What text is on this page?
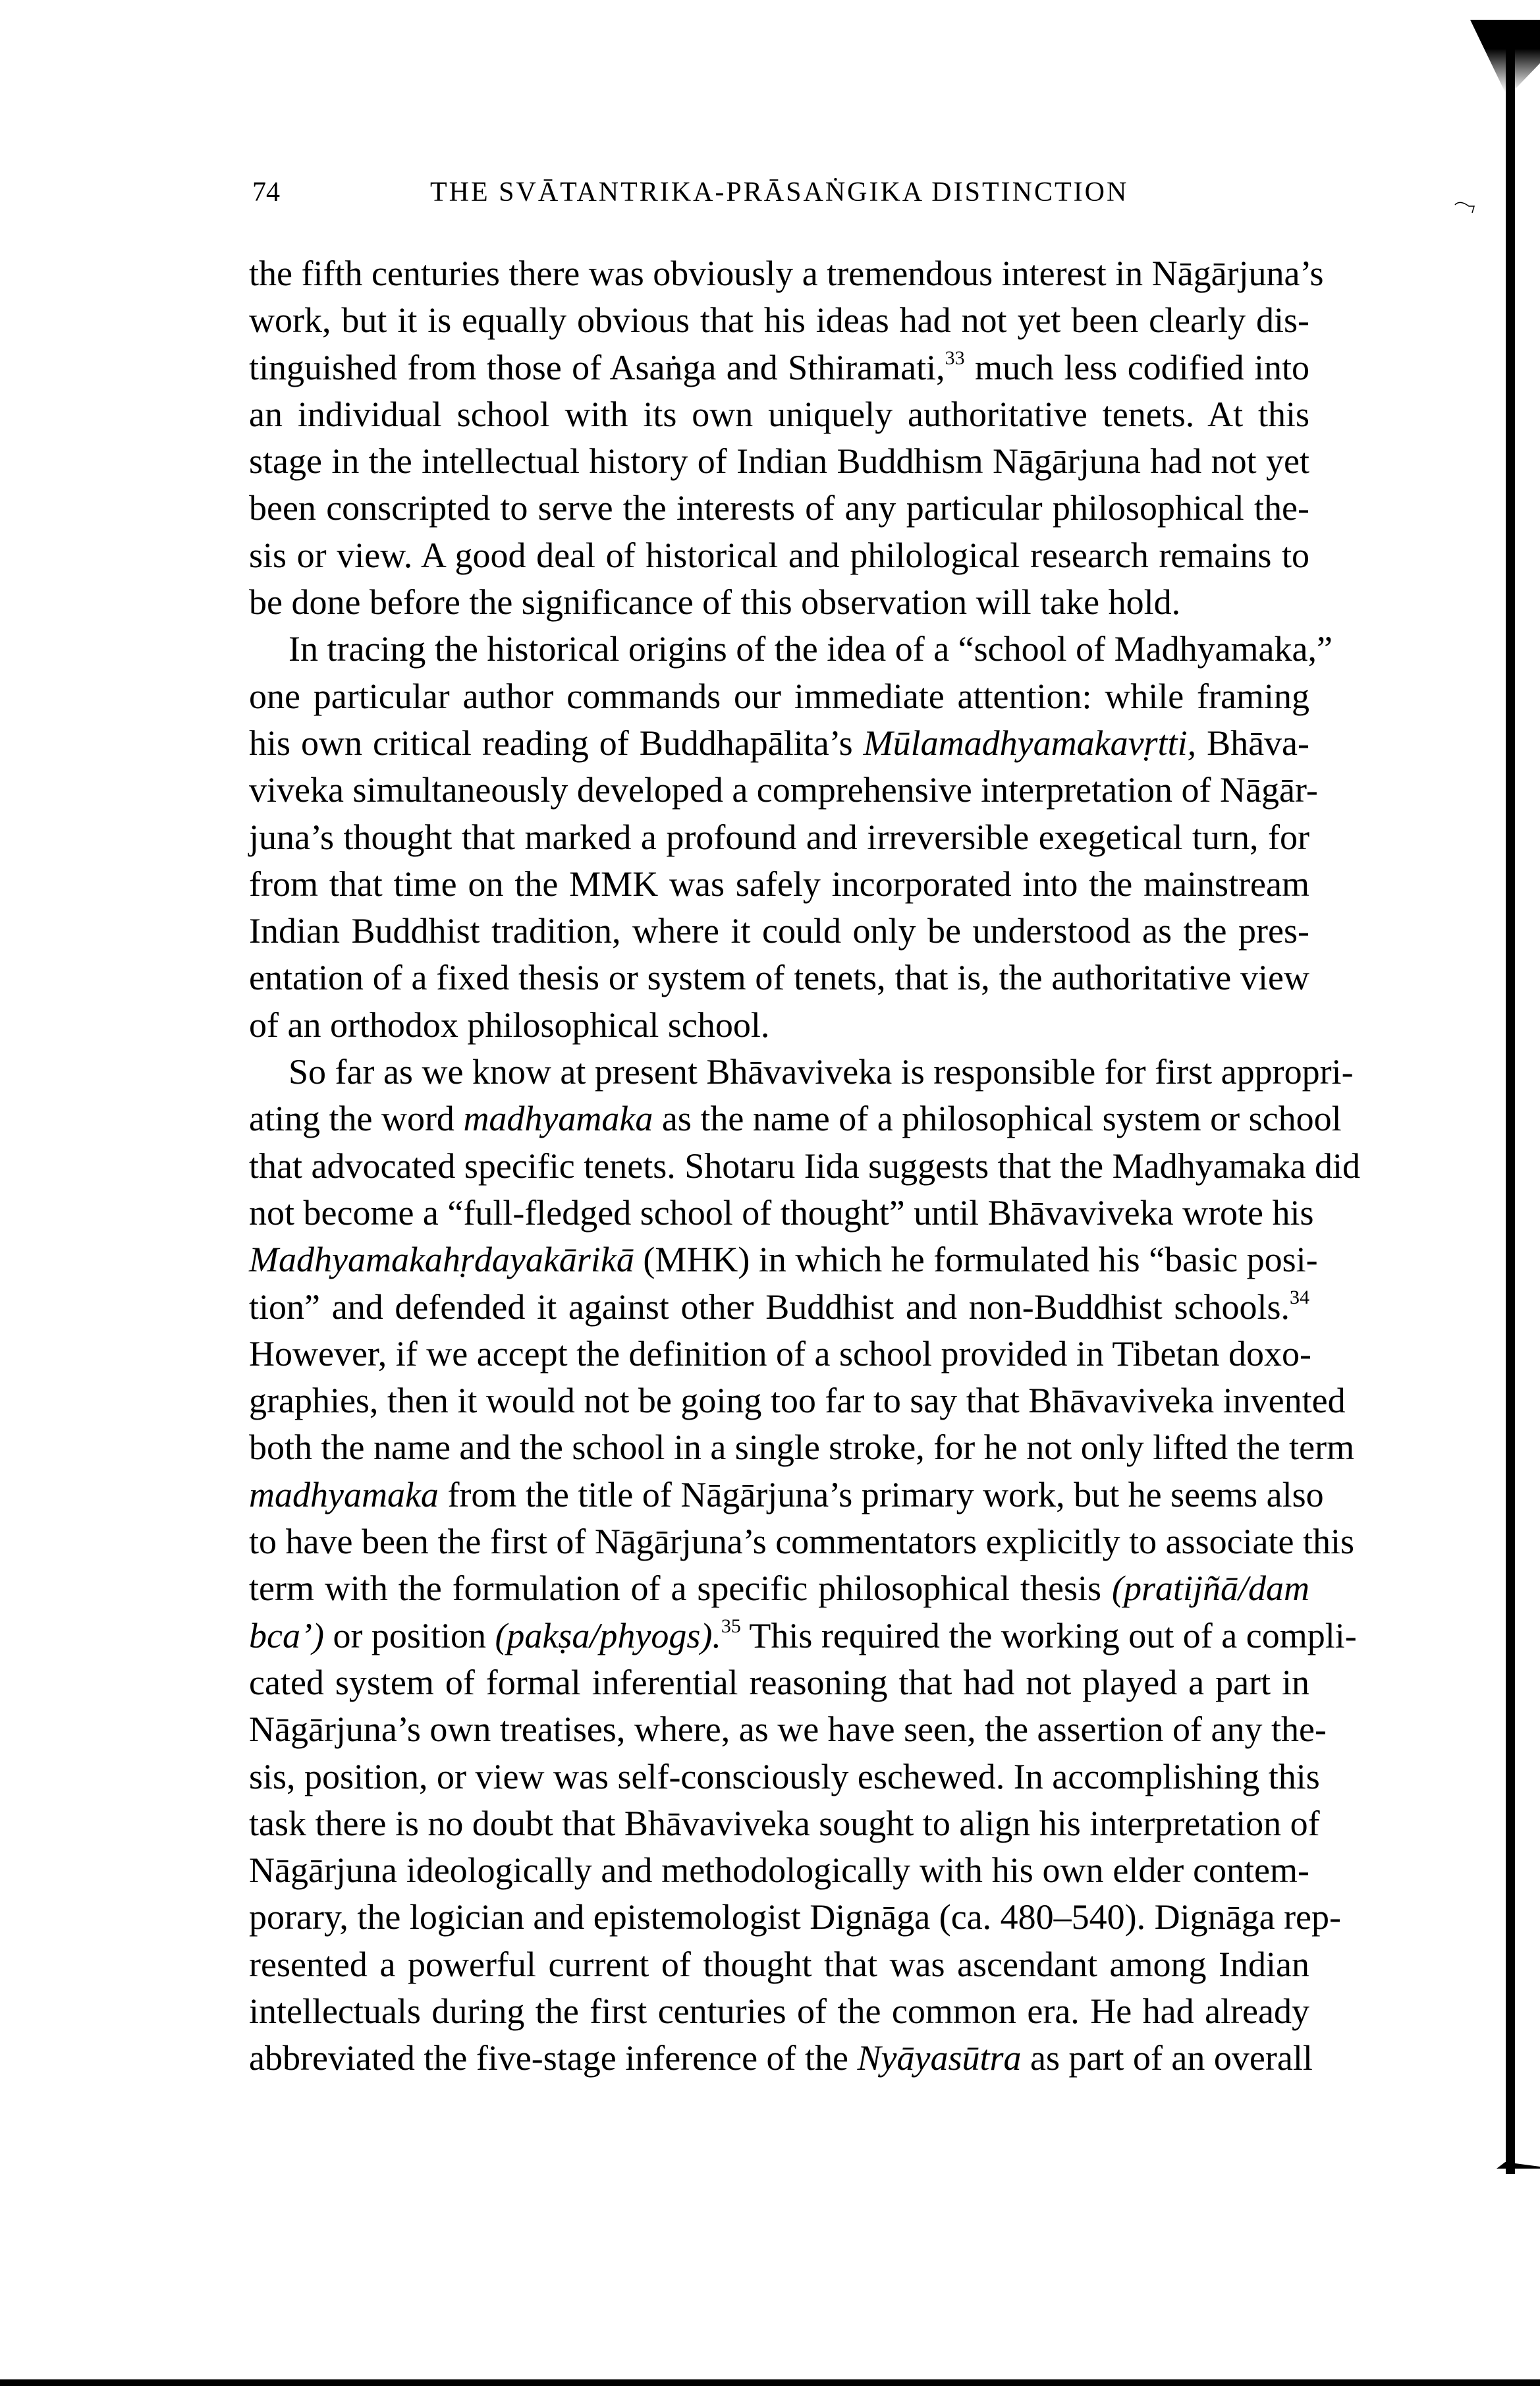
74	THE SVĀTANTRIKA-PRĀSAṄGIKA DISTINCTION
the fifth centuries there was obviously a tremendous interest in Nāgārjuna’s
work, but it is equally obvious that his ideas had not yet been clearly dis-
tinguished from those of Asaṅga and Sthiramati,$^{33}$ much less codified into
an individual school with its own uniquely authoritative tenets. At this
stage in the intellectual history of Indian Buddhism Nāgārjuna had not yet
been conscripted to serve the interests of any particular philosophical the-
sis or view. A good deal of historical and philological research remains to
be done before the significance of this observation will take hold.
In tracing the historical origins of the idea of a “school of Madhyamaka,”
one particular author commands our immediate attention: while framing
his own critical reading of Buddhapālita’s Mūlamadhyamakavṛtti, Bhāva-
viveka simultaneously developed a comprehensive interpretation of Nāgār-
juna’s thought that marked a profound and irreversible exegetical turn, for
from that time on the MMK was safely incorporated into the mainstream
Indian Buddhist tradition, where it could only be understood as the pres-
entation of a fixed thesis or system of tenets, that is, the authoritative view
of an orthodox philosophical school.
So far as we know at present Bhāvaviveka is responsible for first appropri-
ating the word madhyamaka as the name of a philosophical system or school
that advocated specific tenets. Shotaru Iida suggests that the Madhyamaka did
not become a “full-fledged school of thought” until Bhāvaviveka wrote his
Madhyamakahṛdayakārikā (MHK) in which he formulated his “basic posi-
tion” and defended it against other Buddhist and non-Buddhist schools.$^{34}$
However, if we accept the definition of a school provided in Tibetan doxo-
graphies, then it would not be going too far to say that Bhāvaviveka invented
both the name and the school in a single stroke, for he not only lifted the term
madhyamaka from the title of Nāgārjuna’s primary work, but he seems also
to have been the first of Nāgārjuna’s commentators explicitly to associate this
term with the formulation of a specific philosophical thesis (pratijñā/dam
bca’) or position (pakṣa/phyogs).$^{35}$ This required the working out of a compli-
cated system of formal inferential reasoning that had not played a part in
Nāgārjuna’s own treatises, where, as we have seen, the assertion of any the-
sis, position, or view was self-consciously eschewed. In accomplishing this
task there is no doubt that Bhāvaviveka sought to align his interpretation of
Nāgārjuna ideologically and methodologically with his own elder contem-
porary, the logician and epistemologist Dignāga (ca. 480–540). Dignāga rep-
resented a powerful current of thought that was ascendant among Indian
intellectuals during the first centuries of the common era. He had already
abbreviated the five-stage inference of the Nyāyasūtra as part of an overall
